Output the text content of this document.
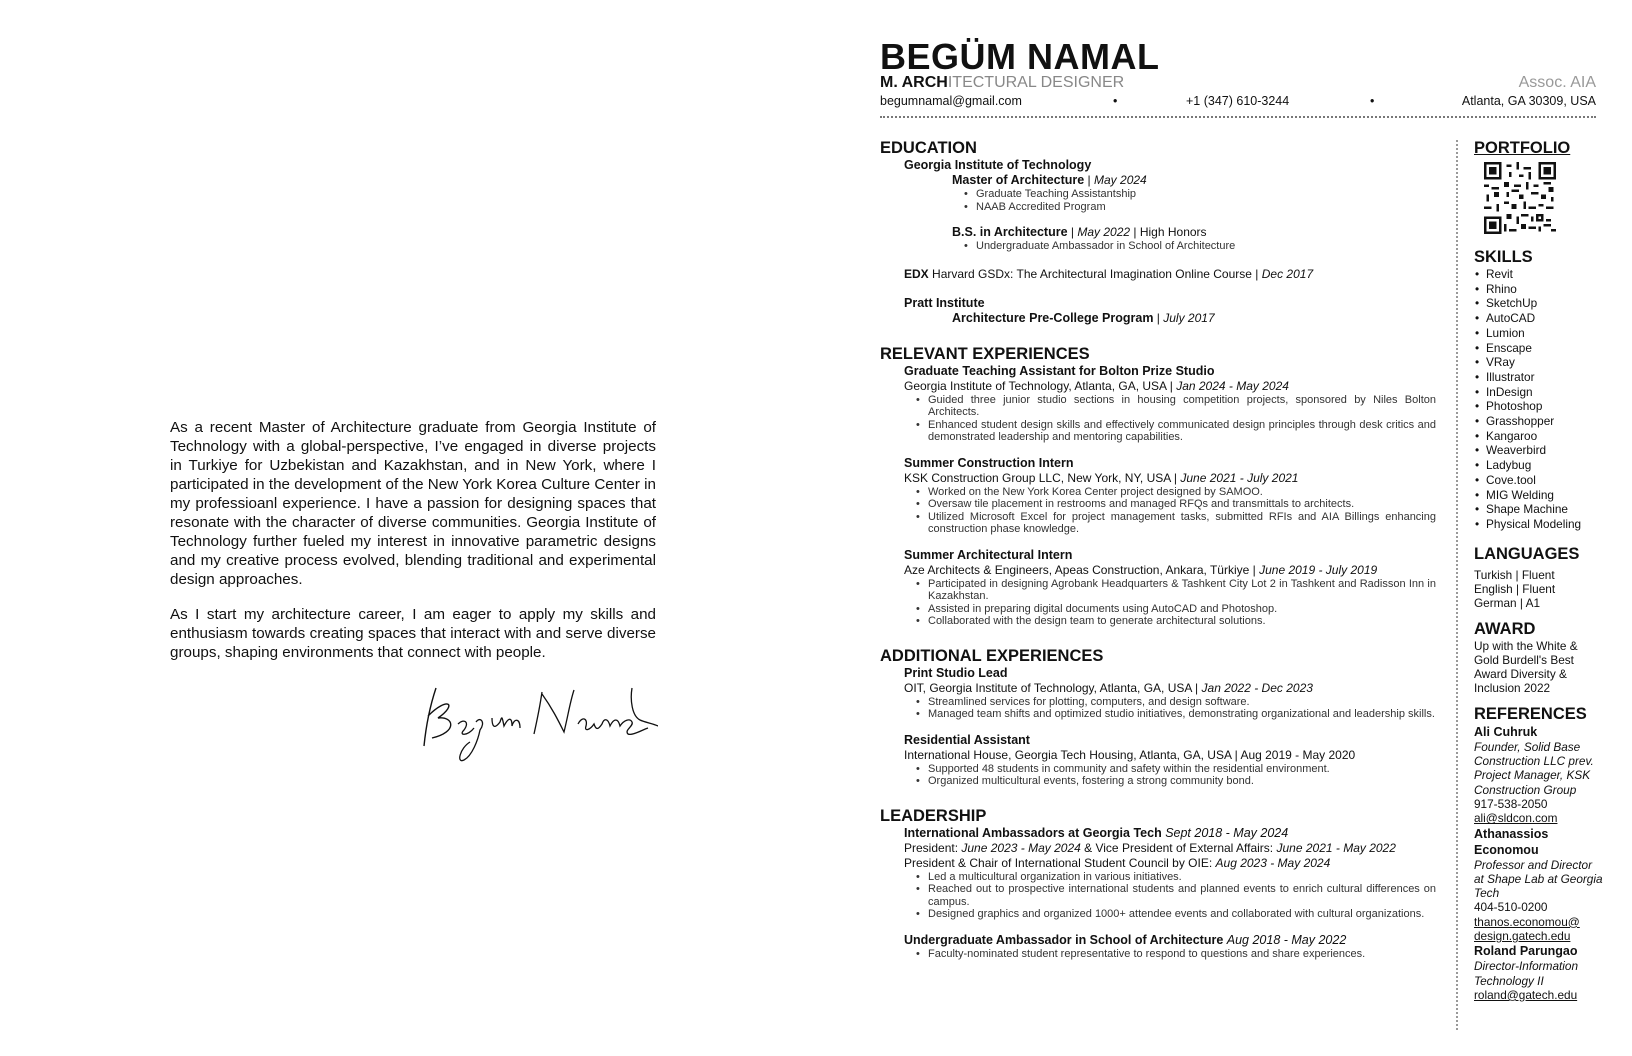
As a recent Master of Architecture graduate from Georgia Institute of Technology with a global-perspective, I’ve engaged in diverse projects in Turkiye for Uzbekistan and Kazakhstan, and in New York, where I participated in the development of the New York Korea Culture Center in my professioanl experience. I have a passion for designing spaces that resonate with the character of diverse communities. Georgia Institute of Technology further fueled my interest in innovative parametric designs and my creative process evolved, blending traditional and experimental design approaches.

As I start my architecture career, I am eager to apply my skills and enthusiasm towards creating spaces that interact with and serve diverse groups, shaping environments that connect with people.

BEGÜM NAMAL
M. ARCHITECTURAL DESIGNER	Assoc. AIA
begumnamal@gmail.com	•	+1 (347) 610-3244	•	Atlanta, GA 30309, USA
EDUCATION
Georgia Institute of Technology
Master of Architecture | May 2024
• Graduate Teaching Assistantship
• NAAB Accredited Program
B.S. in Architecture | May 2022 | High Honors
• Undergraduate Ambassador in School of Architecture
EDX Harvard GSDx: The Architectural Imagination Online Course | Dec 2017
Pratt Institute
Architecture Pre-College Program | July 2017
RELEVANT EXPERIENCES
Graduate Teaching Assistant for Bolton Prize Studio
Georgia Institute of Technology, Atlanta, GA, USA | Jan 2024 - May 2024
• Guided three junior studio sections in housing competition projects, sponsored by Niles Bolton Architects.
• Enhanced student design skills and effectively communicated design principles through desk critics and demonstrated leadership and mentoring capabilities.
Summer Construction Intern
KSK Construction Group LLC, New York, NY, USA | June 2021 - July 2021
• Worked on the New York Korea Center project designed by SAMOO.
• Oversaw tile placement in restrooms and managed RFQs and transmittals to architects.
• Utilized Microsoft Excel for project management tasks, submitted RFIs and AIA Billings enhancing construction phase knowledge.
Summer Architectural Intern
Aze Architects & Engineers, Apeas Construction, Ankara, Türkiye | June 2019 - July 2019
• Participated in designing Agrobank Headquarters & Tashkent City Lot 2 in Tashkent and Radisson Inn in Kazakhstan.
• Assisted in preparing digital documents using AutoCAD and Photoshop.
• Collaborated with the design team to generate architectural solutions.
ADDITIONAL EXPERIENCES
Print Studio Lead
OIT, Georgia Institute of Technology, Atlanta, GA, USA | Jan 2022 - Dec 2023
• Streamlined services for plotting, computers, and design software.
• Managed team shifts and optimized studio initiatives, demonstrating organizational and leadership skills.
Residential Assistant
International House, Georgia Tech Housing, Atlanta, GA, USA | Aug 2019 - May 2020
• Supported 48 students in community and safety within the residential environment.
• Organized multicultural events, fostering a strong community bond.
LEADERSHIP
International Ambassadors at Georgia Tech Sept 2018 - May 2024
President: June 2023 - May 2024 & Vice President of External Affairs: June 2021 - May 2022
President & Chair of International Student Council by OIE: Aug 2023 - May 2024
• Led a multicultural organization in various initiatives.
• Reached out to prospective international students and planned events to enrich cultural differences on campus.
• Designed graphics and organized 1000+ attendee events and collaborated with cultural organizations.
Undergraduate Ambassador in School of Architecture Aug 2018 - May 2022
• Faculty-nominated student representative to respond to questions and share experiences.
PORTFOLIO
SKILLS
• Revit
• Rhino
• SketchUp
• AutoCAD
• Lumion
• Enscape
• VRay
• Illustrator
• InDesign
• Photoshop
• Grasshopper
• Kangaroo
• Weaverbird
• Ladybug
• Cove.tool
• MIG Welding
• Shape Machine
• Physical Modeling
LANGUAGES
Turkish | Fluent
English | Fluent
German | A1
AWARD
Up with the White & Gold Burdell's Best Award Diversity & Inclusion 2022
REFERENCES
Ali Cuhruk
Founder, Solid Base Construction LLC prev. Project Manager, KSK Construction Group
917-538-2050
ali@sldcon.com
Athanassios Economou
Professor and Director at Shape Lab at Georgia Tech
404-510-0200
thanos.economou@ design.gatech.edu
Roland Parungao
Director-Information Technology II
roland@gatech.edu
